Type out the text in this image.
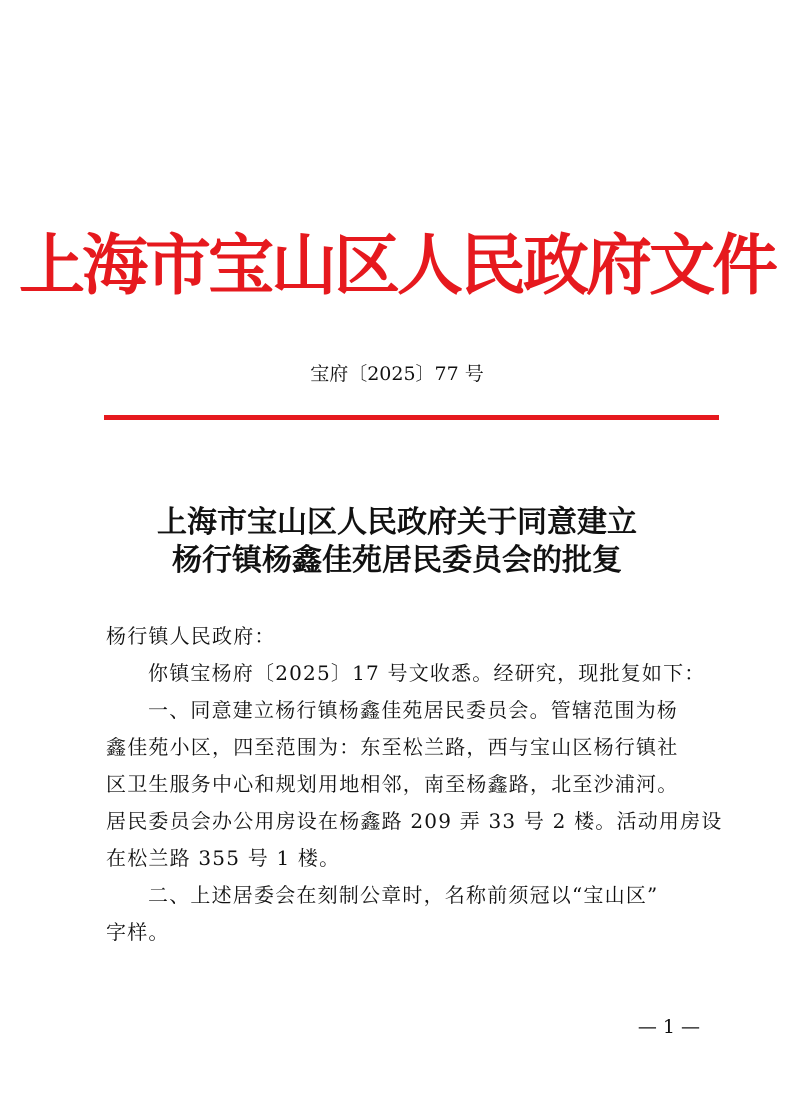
上海市宝山区人民政府文件
宝府〔2025〕77 号
上海市宝山区人民政府关于同意建立
杨行镇杨鑫佳苑居民委员会的批复
杨行镇人民政府：
你镇宝杨府〔2025〕17 号文收悉。经研究，现批复如下：
一、同意建立杨行镇杨鑫佳苑居民委员会。管辖范围为杨
鑫佳苑小区，四至范围为：东至松兰路，西与宝山区杨行镇社
区卫生服务中心和规划用地相邻，南至杨鑫路，北至沙浦河。
居民委员会办公用房设在杨鑫路 209 弄 33 号 2 楼。活动用房设
在松兰路 355 号 1 楼。
二、上述居委会在刻制公章时，名称前须冠以“宝山区”
字样。
— 1 —
